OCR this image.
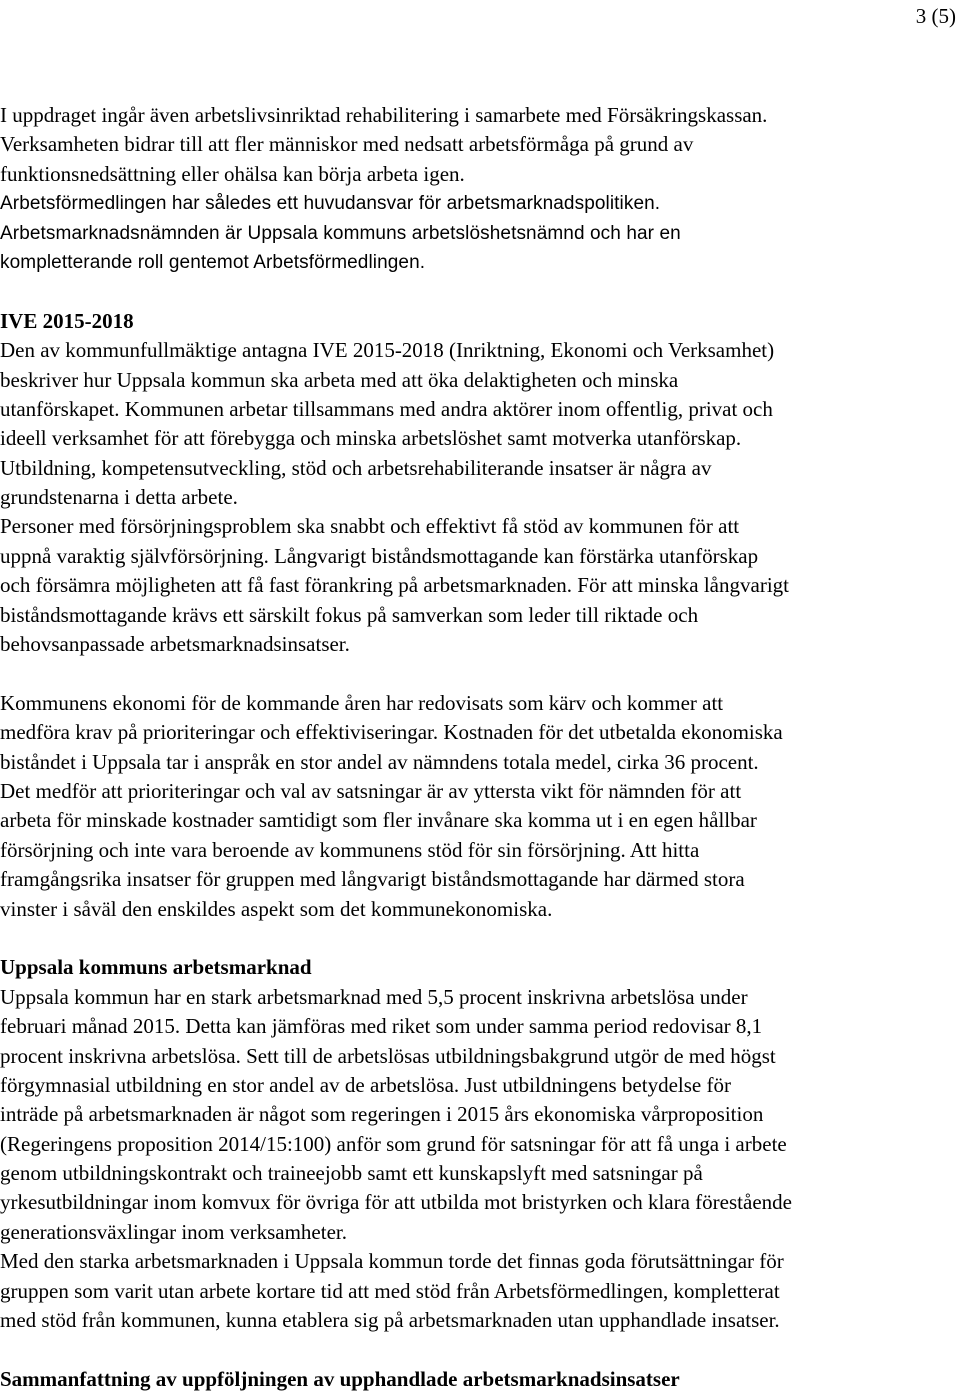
3 (5)
I uppdraget ingår även arbetslivsinriktad rehabilitering i samarbete med Försäkringskassan.
Verksamheten bidrar till att fler människor med nedsatt arbetsförmåga på grund av
funktionsnedsättning eller ohälsa kan börja arbeta igen.
Arbetsförmedlingen har således ett huvudansvar för arbetsmarknadspolitiken.
Arbetsmarknadsnämnden är Uppsala kommuns arbetslöshetsnämnd och har en
kompletterande roll gentemot Arbetsförmedlingen.
IVE 2015-2018
Den av kommunfullmäktige antagna IVE 2015-2018 (Inriktning, Ekonomi och Verksamhet)
beskriver hur Uppsala kommun ska arbeta med att öka delaktigheten och minska
utanförskapet. Kommunen arbetar tillsammans med andra aktörer inom offentlig, privat och
ideell verksamhet för att förebygga och minska arbetslöshet samt motverka utanförskap.
Utbildning, kompetensutveckling, stöd och arbetsrehabiliterande insatser är några av
grundstenarna i detta arbete.
Personer med försörjningsproblem ska snabbt och effektivt få stöd av kommunen för att
uppnå varaktig självförsörjning. Långvarigt biståndsmottagande kan förstärka utanförskap
och försämra möjligheten att få fast förankring på arbetsmarknaden. För att minska långvarigt
biståndsmottagande krävs ett särskilt fokus på samverkan som leder till riktade och
behovsanpassade arbetsmarknadsinsatser.
Kommunens ekonomi för de kommande åren har redovisats som kärv och kommer att
medföra krav på prioriteringar och effektiviseringar. Kostnaden för det utbetalda ekonomiska
biståndet i Uppsala tar i anspråk en stor andel av nämndens totala medel, cirka 36 procent.
Det medför att prioriteringar och val av satsningar är av yttersta vikt för nämnden för att
arbeta för minskade kostnader samtidigt som fler invånare ska komma ut i en egen hållbar
försörjning och inte vara beroende av kommunens stöd för sin försörjning. Att hitta
framgångsrika insatser för gruppen med långvarigt biståndsmottagande har därmed stora
vinster i såväl den enskildes aspekt som det kommunekonomiska.
Uppsala kommuns arbetsmarknad
Uppsala kommun har en stark arbetsmarknad med 5,5 procent inskrivna arbetslösa under
februari månad 2015. Detta kan jämföras med riket som under samma period redovisar 8,1
procent inskrivna arbetslösa. Sett till de arbetslösas utbildningsbakgrund utgör de med högst
förgymnasial utbildning en stor andel av de arbetslösa. Just utbildningens betydelse för
inträde på arbetsmarknaden är något som regeringen i 2015 års ekonomiska vårproposition
(Regeringens proposition 2014/15:100) anför som grund för satsningar för att få unga i arbete
genom utbildningskontrakt och traineejobb samt ett kunskapslyft med satsningar på
yrkesutbildningar inom komvux för övriga för att utbilda mot bristyrken och klara förestående
generationsväxlingar inom verksamheter.
Med den starka arbetsmarknaden i Uppsala kommun torde det finnas goda förutsättningar för
gruppen som varit utan arbete kortare tid att med stöd från Arbetsförmedlingen, kompletterat
med stöd från kommunen, kunna etablera sig på arbetsmarknaden utan upphandlade insatser.
Sammanfattning av uppföljningen av upphandlade arbetsmarknadsinsatser
